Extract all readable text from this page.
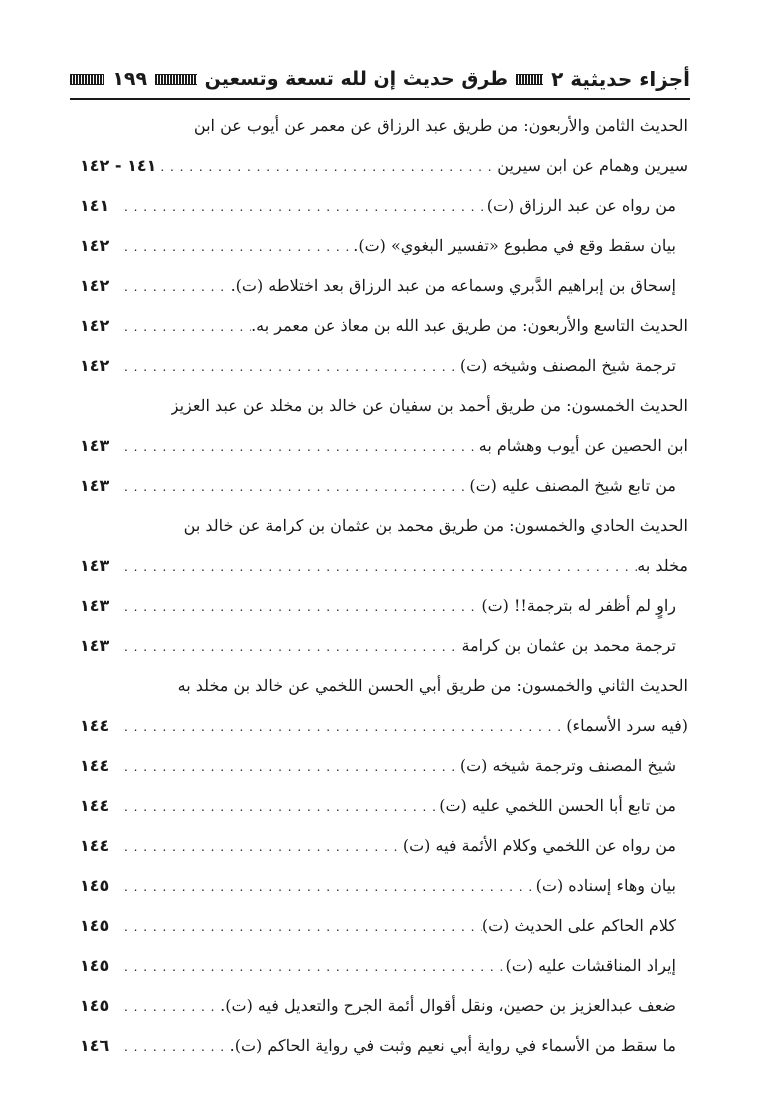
أجزاء حديثية ٢
طرق حديث إن لله تسعة وتسعين
١٩٩
الحديث الثامن والأربعون: من طريق عبد الرزاق عن معمر عن أيوب عن ابن
سيرين وهمام عن ابن سيرين
. . .
١٤١ - ١٤٢
من رواه عن عبد الرزاق (ت)
. . .
١٤١
بيان سقط وقع في مطبوع «تفسير البغوي» (ت).
. . .
١٤٢
إسحاق بن إبراهيم الدَّبري وسماعه من عبد الرزاق بعد اختلاطه (ت).
. . .
١٤٢
الحديث التاسع والأربعون: من طريق عبد الله بن معاذ عن معمر به.
. . .
١٤٢
ترجمة شيخ المصنف وشيخه (ت)
. . .
١٤٢
الحديث الخمسون: من طريق أحمد بن سفيان عن خالد بن مخلد عن عبد العزيز
ابن الحصين عن أيوب وهشام به
. . .
١٤٣
من تابع شيخ المصنف عليه (ت)
. . .
١٤٣
الحديث الحادي والخمسون: من طريق محمد بن عثمان بن كرامة عن خالد بن
مخلد به
. . .
١٤٣
راوٍ لم أظفر له بترجمة!! (ت)
. . .
١٤٣
ترجمة محمد بن عثمان بن كرامة
. . .
١٤٣
الحديث الثاني والخمسون: من طريق أبي الحسن اللخمي عن خالد بن مخلد به
(فيه سرد الأسماء)
. . .
١٤٤
شيخ المصنف وترجمة شيخه (ت)
. . .
١٤٤
من تابع أبا الحسن اللخمي عليه (ت)
. . .
١٤٤
من رواه عن اللخمي وكلام الأئمة فيه (ت)
. . .
١٤٤
بيان وهاء إسناده (ت)
. . .
١٤٥
كلام الحاكم على الحديث (ت)
. . .
١٤٥
إيراد المناقشات عليه (ت)
. . .
١٤٥
ضعف عبدالعزيز بن حصين، ونقل أقوال أئمة الجرح والتعديل فيه (ت).
. . .
١٤٥
ما سقط من الأسماء في رواية أبي نعيم وثبت في رواية الحاكم (ت).
. . .
١٤٦
